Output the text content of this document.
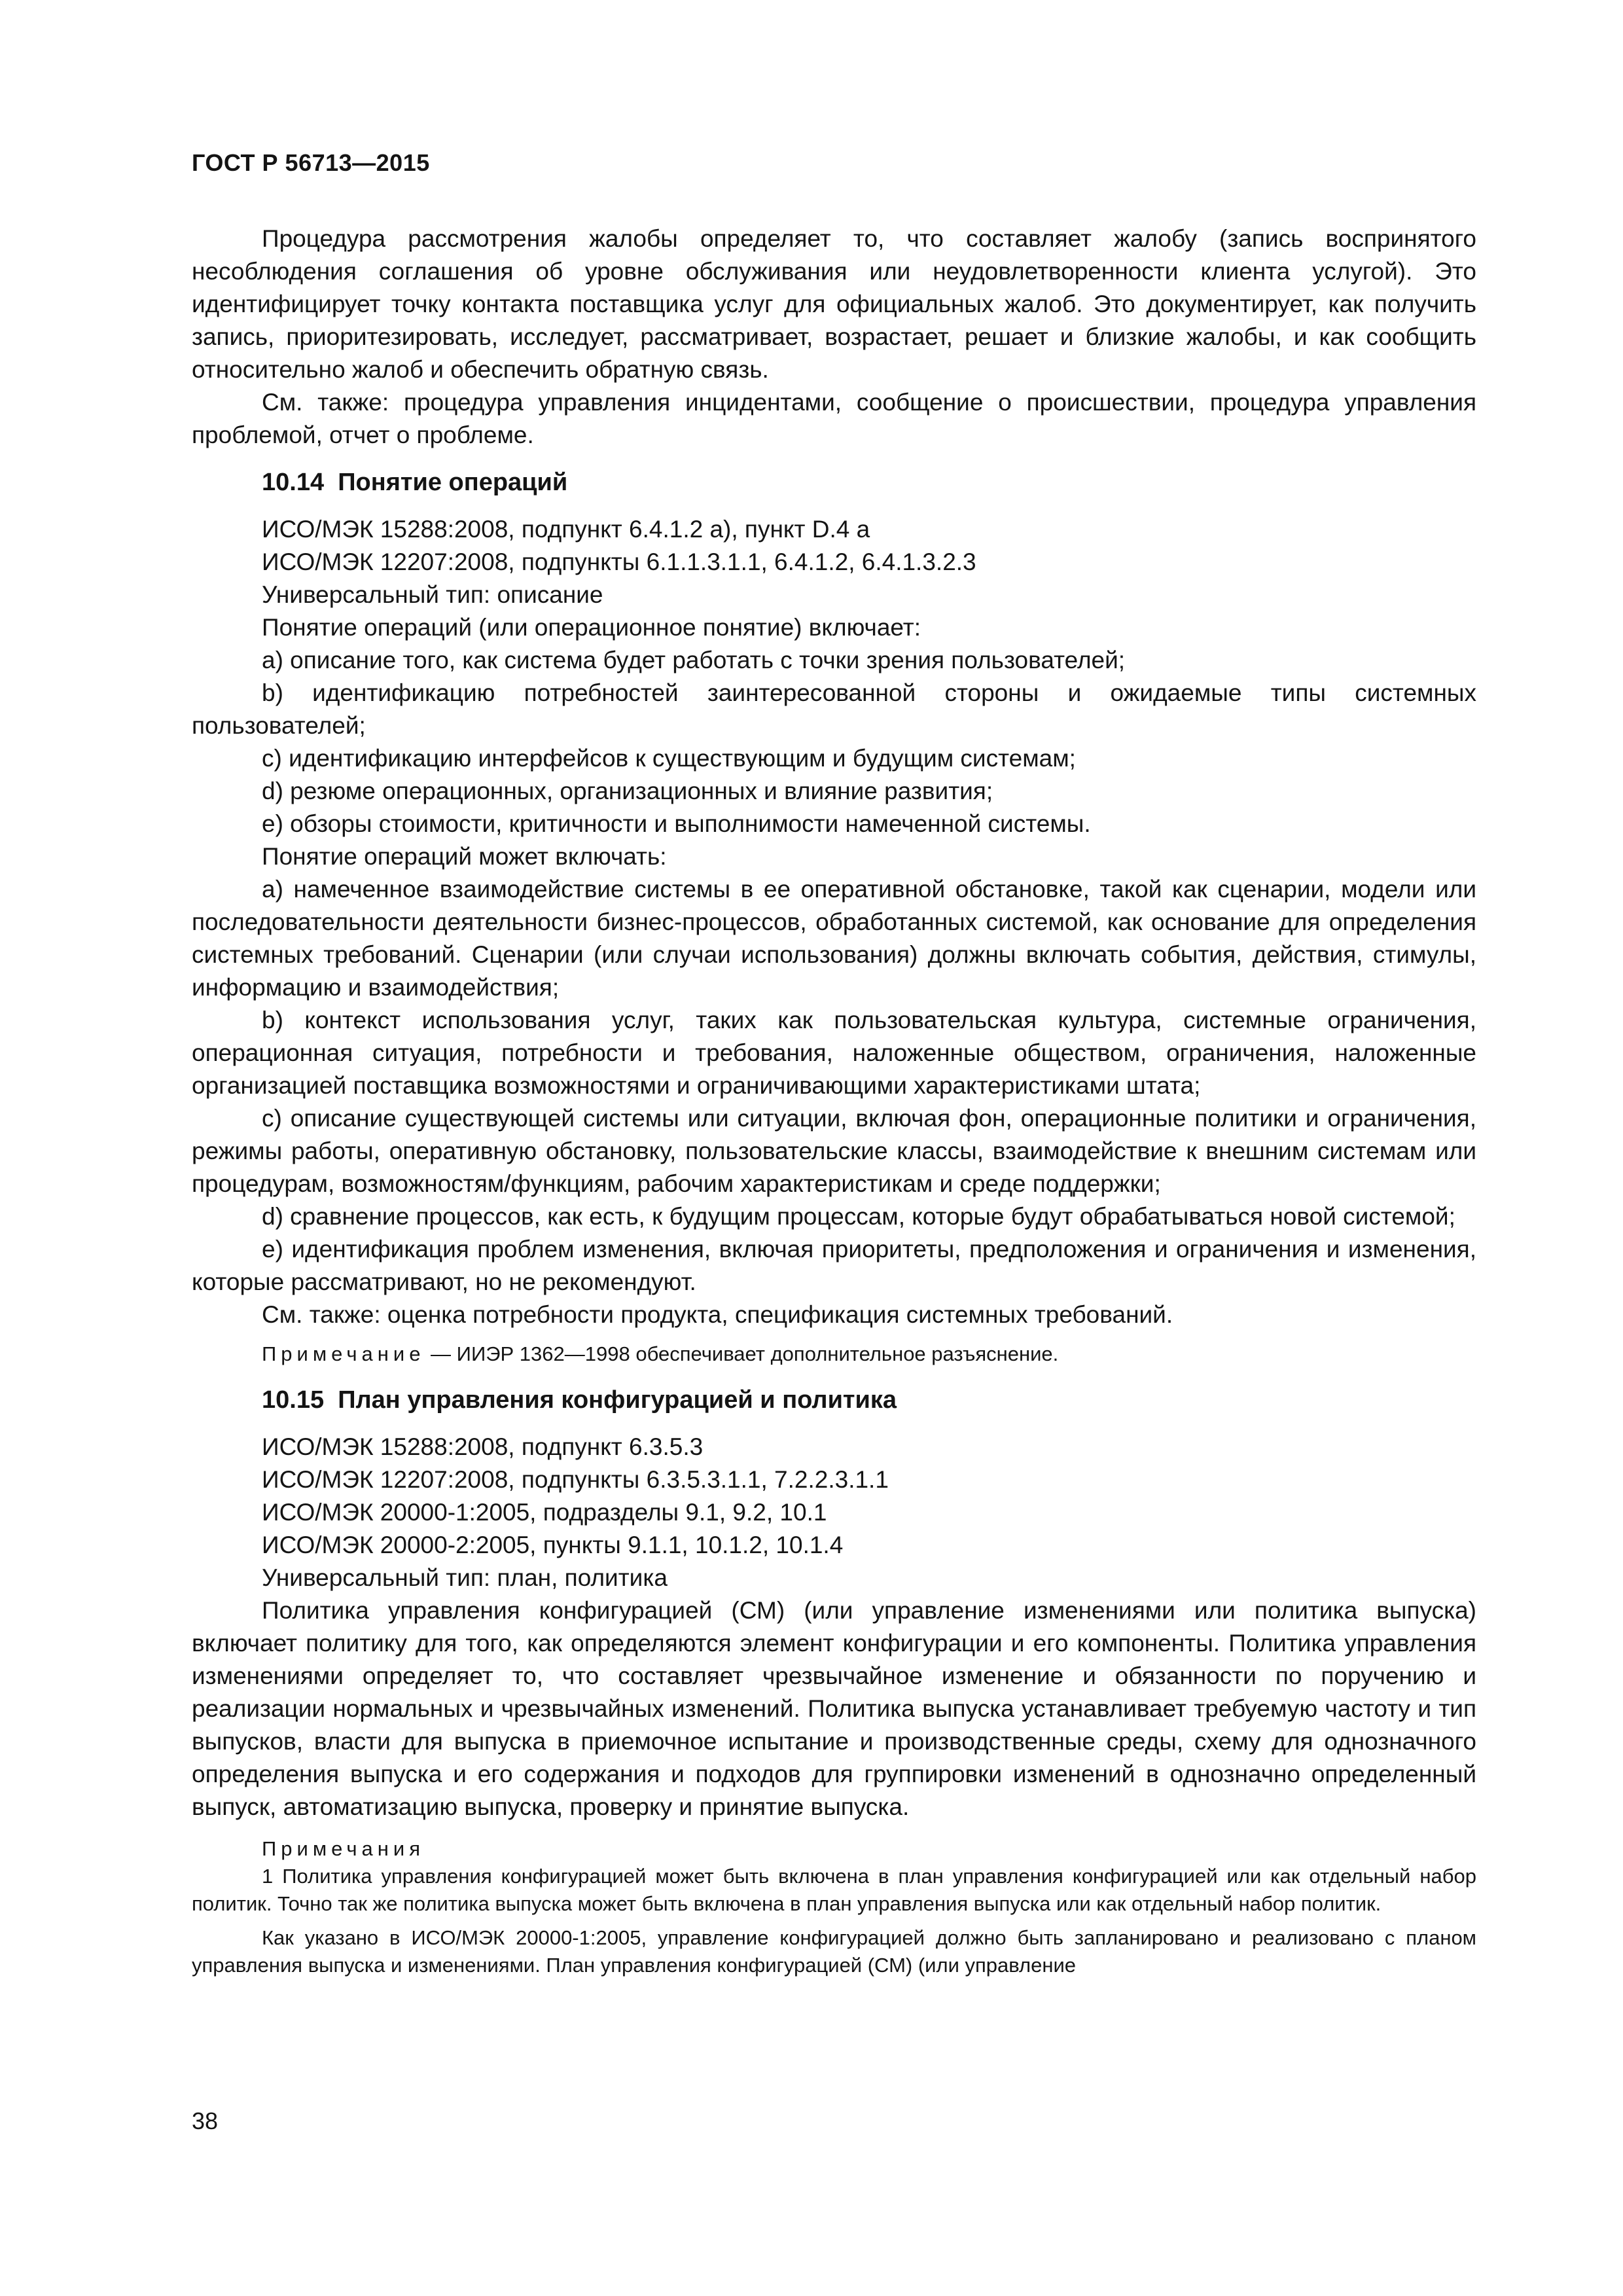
ГОСТ Р 56713—2015

Процедура рассмотрения жалобы определяет то, что составляет жалобу (запись воспринятого несоблюдения соглашения об уровне обслуживания или неудовлетворенности клиента услугой). Это идентифицирует точку контакта поставщика услуг для официальных жалоб. Это документирует, как получить запись, приоритезировать, исследует, рассматривает, возрастает, решает и близкие жалобы, и как сообщить относительно жалоб и обеспечить обратную связь.

См. также: процедура управления инцидентами, сообщение о происшествии, процедура управления проблемой, отчет о проблеме.

10.14 Понятие операций

ИСО/МЭК 15288:2008, подпункт 6.4.1.2 а), пункт D.4 а

ИСО/МЭК 12207:2008, подпункты 6.1.1.3.1.1, 6.4.1.2, 6.4.1.3.2.3

Универсальный тип: описание

Понятие операций (или операционное понятие) включает:

а) описание того, как система будет работать с точки зрения пользователей;

b) идентификацию потребностей заинтересованной стороны и ожидаемые типы системных пользователей;

c) идентификацию интерфейсов к существующим и будущим системам;

d) резюме операционных, организационных и влияние развития;

e) обзоры стоимости, критичности и выполнимости намеченной системы.

Понятие операций может включать:

а) намеченное взаимодействие системы в ее оперативной обстановке, такой как сценарии, модели или последовательности деятельности бизнес-процессов, обработанных системой, как основание для определения системных требований. Сценарии (или случаи использования) должны включать события, действия, стимулы, информацию и взаимодействия;

b) контекст использования услуг, таких как пользовательская культура, системные ограничения, операционная ситуация, потребности и требования, наложенные обществом, ограничения, наложенные организацией поставщика возможностями и ограничивающими характеристиками штата;

c) описание существующей системы или ситуации, включая фон, операционные политики и ограничения, режимы работы, оперативную обстановку, пользовательские классы, взаимодействие к внешним системам или процедурам, возможностям/функциям, рабочим характеристикам и среде поддержки;

d) сравнение процессов, как есть, к будущим процессам, которые будут обрабатываться новой системой;

e) идентификация проблем изменения, включая приоритеты, предположения и ограничения и изменения, которые рассматривают, но не рекомендуют.

См. также: оценка потребности продукта, спецификация системных требований.

Примечание — ИИЭР 1362—1998 обеспечивает дополнительное разъяснение.

10.15 План управления конфигурацией и политика

ИСО/МЭК 15288:2008, подпункт 6.3.5.3

ИСО/МЭК 12207:2008, подпункты 6.3.5.3.1.1, 7.2.2.3.1.1

ИСО/МЭК 20000-1:2005, подразделы 9.1, 9.2, 10.1

ИСО/МЭК 20000-2:2005, пункты 9.1.1, 10.1.2, 10.1.4

Универсальный тип: план, политика

Политика управления конфигурацией (СМ) (или управление изменениями или политика выпуска) включает политику для того, как определяются элемент конфигурации и его компоненты. Политика управления изменениями определяет то, что составляет чрезвычайное изменение и обязанности по поручению и реализации нормальных и чрезвычайных изменений. Политика выпуска устанавливает требуемую частоту и тип выпусков, власти для выпуска в приемочное испытание и производственные среды, схему для однозначного определения выпуска и его содержания и подходов для группировки изменений в однозначно определенный выпуск, автоматизацию выпуска, проверку и принятие выпуска.

Примечания

1 Политика управления конфигурацией может быть включена в план управления конфигурацией или как отдельный набор политик. Точно так же политика выпуска может быть включена в план управления выпуска или как отдельный набор политик.

Как указано в ИСО/МЭК 20000-1:2005, управление конфигурацией должно быть запланировано и реализовано с планом управления выпуска и изменениями. План управления конфигурацией (СМ) (или управление

38
